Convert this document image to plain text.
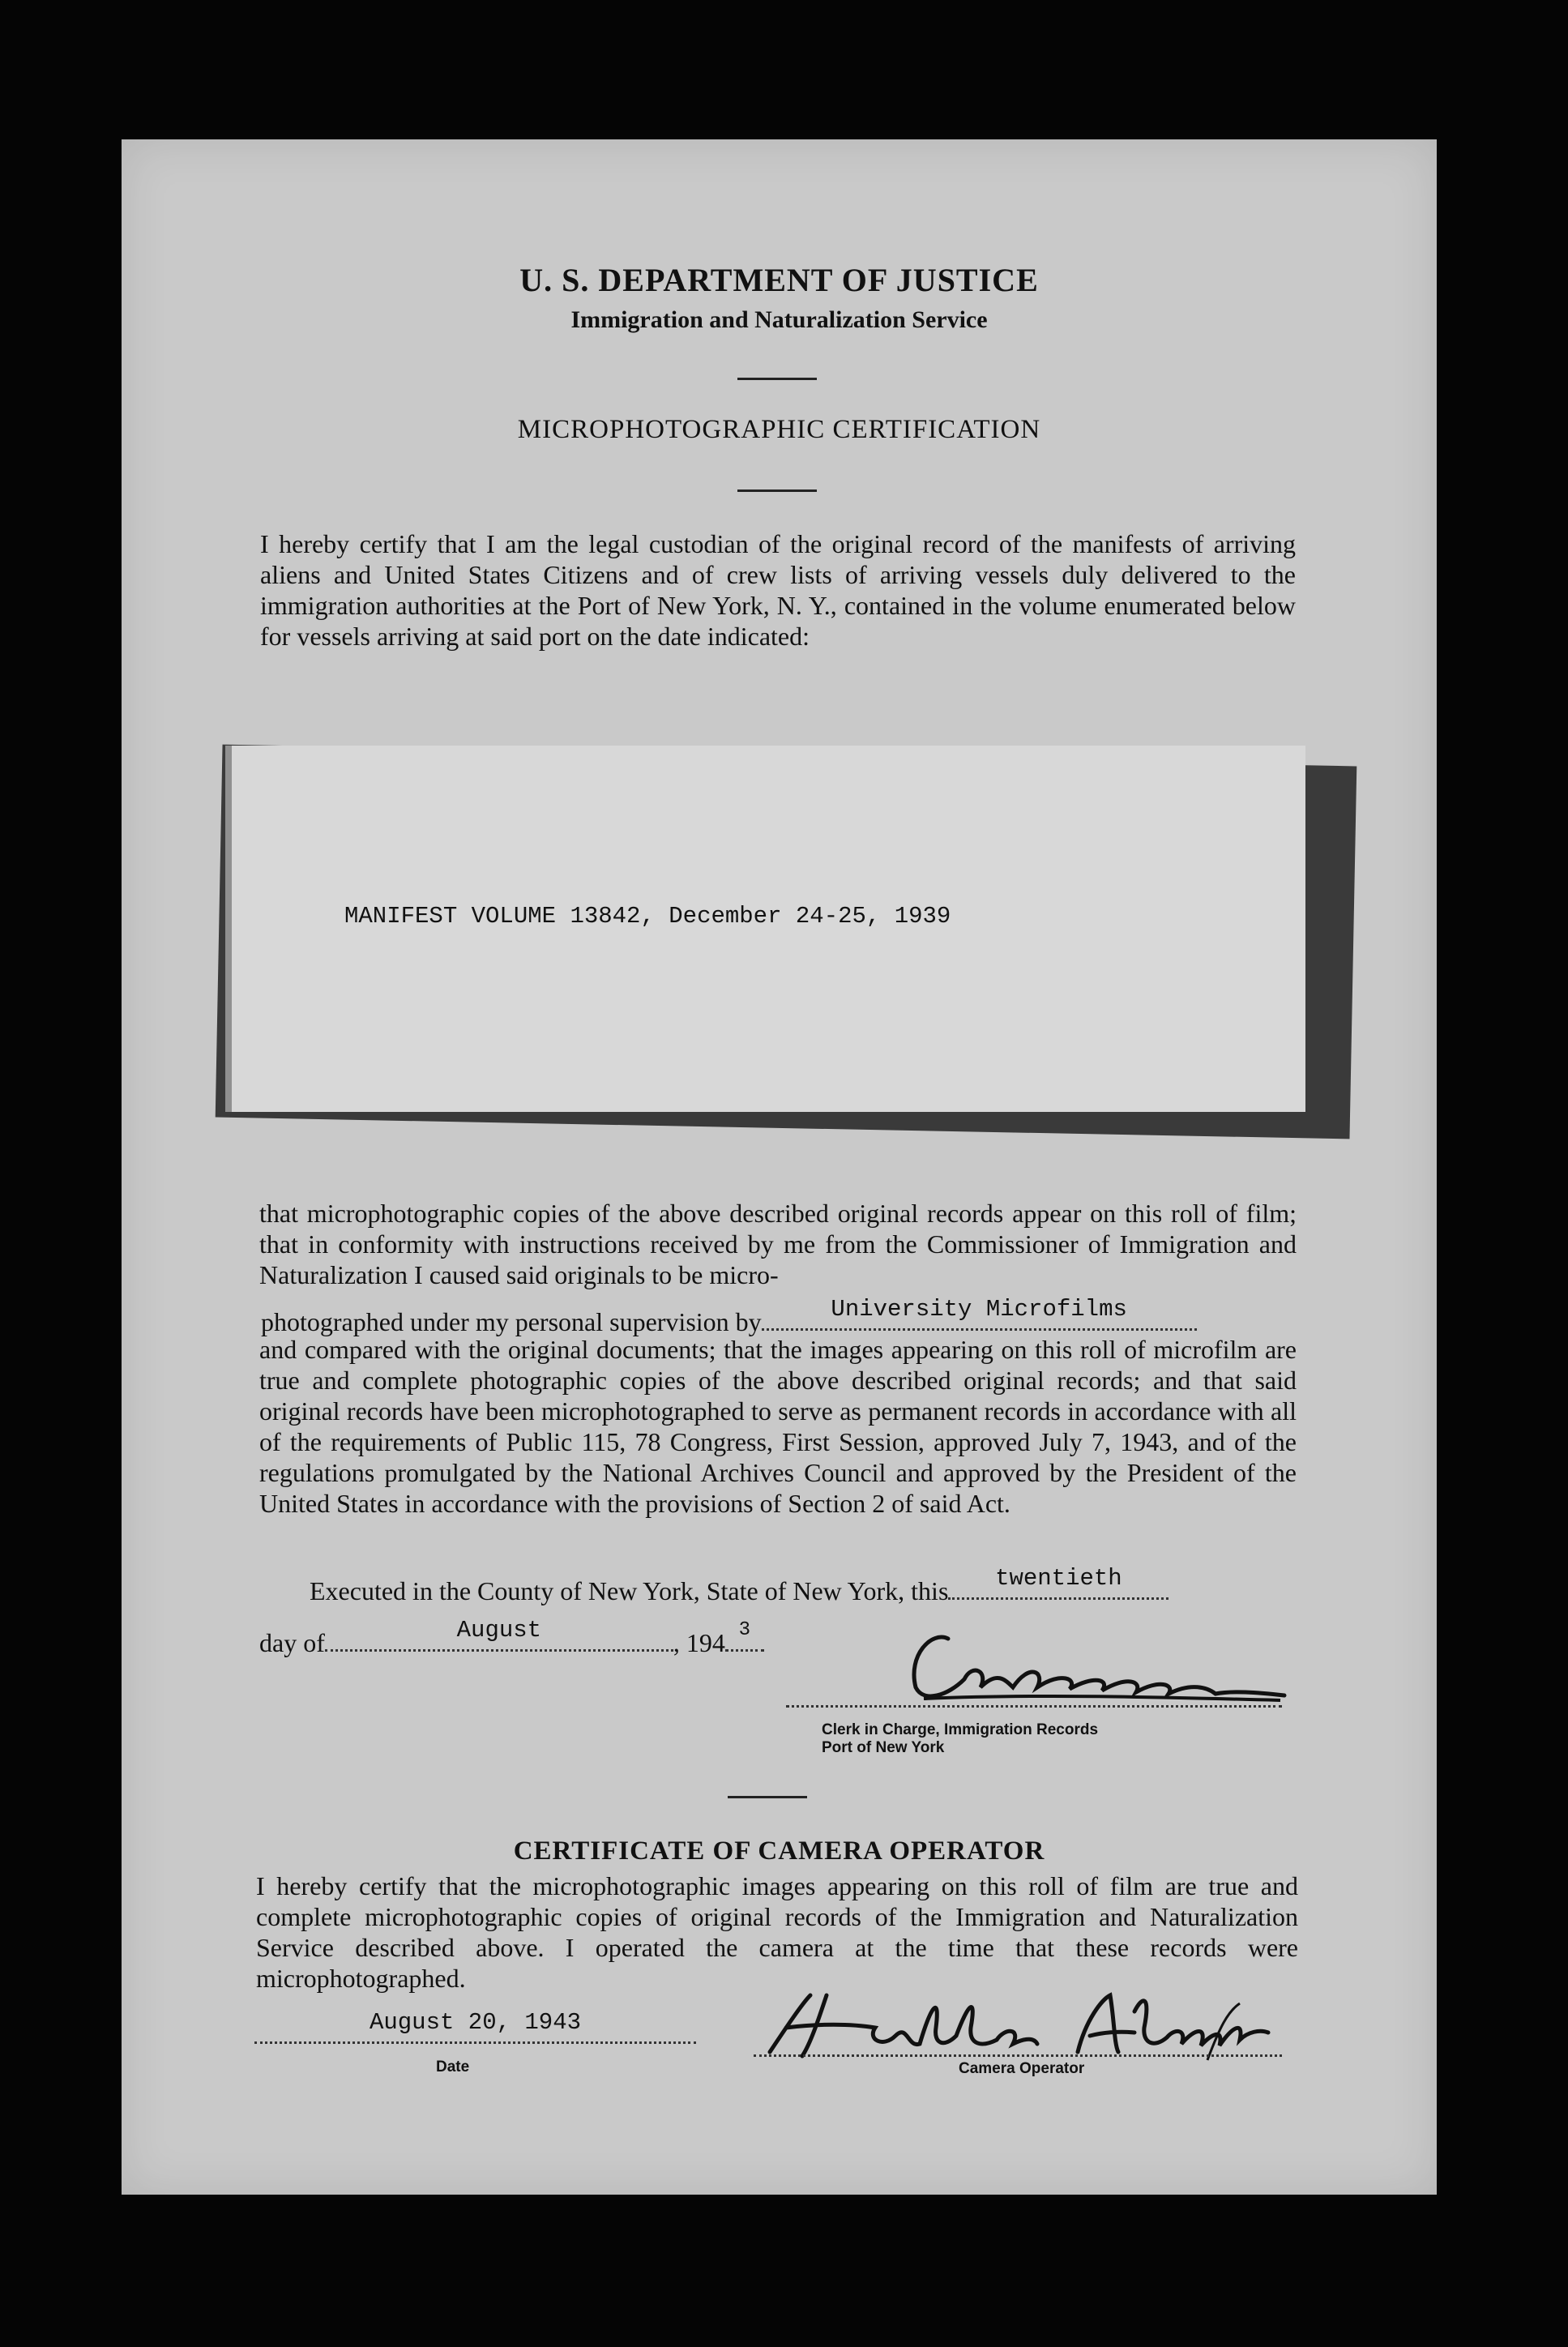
U. S. DEPARTMENT OF JUSTICE
Immigration and Naturalization Service
MICROPHOTOGRAPHIC CERTIFICATION
I hereby certify that I am the legal custodian of the original record of the manifests of arriving aliens and United States Citizens and of crew lists of arriving vessels duly delivered to the immigration authorities at the Port of New York, N. Y., contained in the volume enumerated below for vessels arriving at said port on the date indicated:
MANIFEST VOLUME 13842, December 24-25, 1939
that microphotographic copies of the above described original records appear on this roll of film; that in conformity with instructions received by me from the Commissioner of Immigration and Naturalization I caused said originals to be micro-
photographed under my personal supervision by	University Microfilms
and compared with the original documents; that the images appearing on this roll of microfilm are true and complete photographic copies of the above described original records; and that said original records have been microphotographed to serve as permanent records in accordance with all of the requirements of Public 115, 78 Congress, First Session, approved July 7, 1943, and of the regulations promulgated by the National Archives Council and approved by the President of the United States in accordance with the provisions of Section 2 of said Act.
Executed in the County of New York, State of New York, this	twentieth
day of	August	, 194 3
Clerk in Charge, Immigration Records
Port of New York
CERTIFICATE OF CAMERA OPERATOR
I hereby certify that the microphotographic images appearing on this roll of film are true and complete microphotographic copies of original records of the Immigration and Naturalization Service described above. I operated the camera at the time that these records were microphotographed.
August 20, 1943
Date	Camera Operator
